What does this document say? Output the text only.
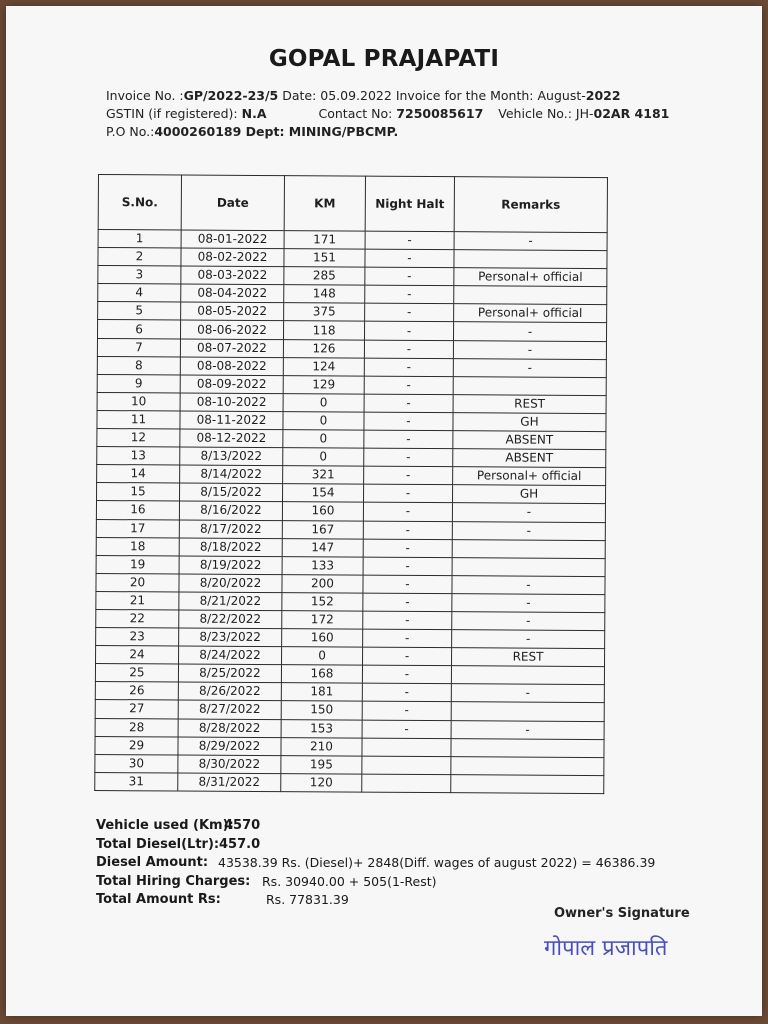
GOPAL PRAJAPATI
Invoice No. :GP/2022-23/5 Date: 05.09.2022 Invoice for the Month: August-2022
GSTIN (if registered): N.A	Contact No: 7250085617 Vehicle No.: JH-02AR 4181
P.O No.:4000260189 Dept: MINING/PBCMP.
S.No.	Date	KM	Night Halt	Remarks
1	08-01-2022	171	-	-
2	08-02-2022	151	-	
3	08-03-2022	285	-	Personal+ official
4	08-04-2022	148	-	
5	08-05-2022	375	-	Personal+ official
6	08-06-2022	118	-	-
7	08-07-2022	126	-	-
8	08-08-2022	124	-	-
9	08-09-2022	129	-	
10	08-10-2022	0	-	REST
11	08-11-2022	0	-	GH
12	08-12-2022	0	-	ABSENT
13	8/13/2022	0	-	ABSENT
14	8/14/2022	321	-	Personal+ official
15	8/15/2022	154	-	GH
16	8/16/2022	160	-	-
17	8/17/2022	167	-	-
18	8/18/2022	147	-	
19	8/19/2022	133	-	
20	8/20/2022	200	-	-
21	8/21/2022	152	-	-
22	8/22/2022	172	-	-
23	8/23/2022	160	-	-
24	8/24/2022	0	-	REST
25	8/25/2022	168	-	
26	8/26/2022	181	-	-
27	8/27/2022	150	-	
28	8/28/2022	153	-	-
29	8/29/2022	210		
30	8/30/2022	195		
31	8/31/2022	120		
Vehicle used (Km):
4570
Total Diesel(Ltr): 457.0
Diesel Amount: 43538.39 Rs. (Diesel)+ 2848(Diff. wages of august 2022) = 46386.39
Total Hiring Charges: Rs. 30940.00 + 505(1-Rest)
Total Amount Rs:	Rs. 77831.39
Owner's Signature
गोपाल प्रजापति
